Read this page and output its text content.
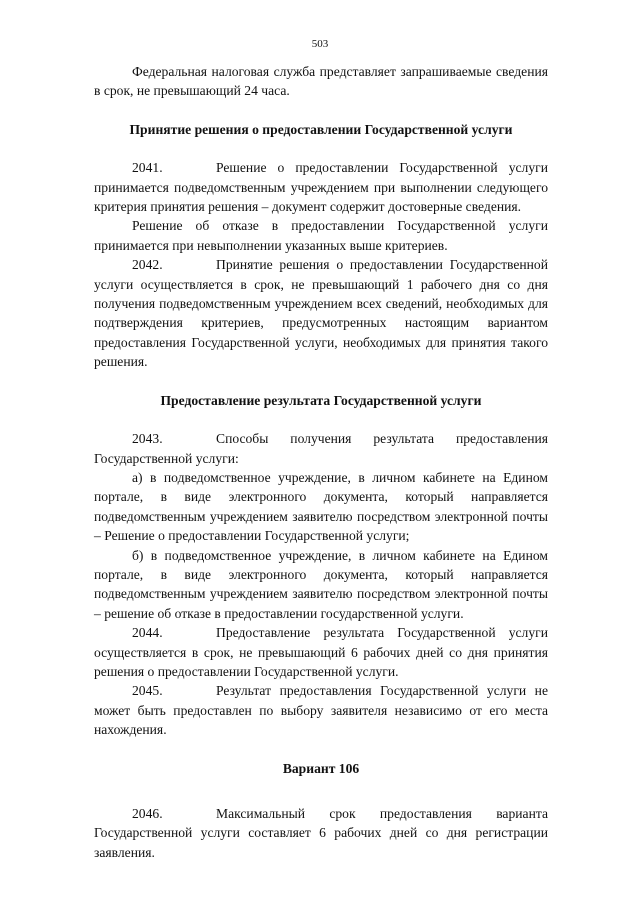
503

Федеральная налоговая служба представляет запрашиваемые сведения в срок, не превышающий 24 часа.

Принятие решения о предоставлении Государственной услуги

2041.	Решение о предоставлении Государственной услуги принимается подведомственным учреждением при выполнении следующего критерия принятия решения – документ содержит достоверные сведения.

Решение об отказе в предоставлении Государственной услуги принимается при невыполнении указанных выше критериев.

2042.	Принятие решения о предоставлении Государственной услуги осуществляется в срок, не превышающий 1 рабочего дня со дня получения подведомственным учреждением всех сведений, необходимых для подтверждения критериев, предусмотренных настоящим вариантом предоставления Государственной услуги, необходимых для принятия такого решения.

Предоставление результата Государственной услуги

2043.	Способы получения результата предоставления Государственной услуги:

а) в подведомственное учреждение, в личном кабинете на Едином портале, в виде электронного документа, который направляется подведомственным учреждением заявителю посредством электронной почты – Решение о предоставлении Государственной услуги;

б) в подведомственное учреждение, в личном кабинете на Едином портале, в виде электронного документа, который направляется подведомственным учреждением заявителю посредством электронной почты – решение об отказе в предоставлении государственной услуги.

2044.	Предоставление результата Государственной услуги осуществляется в срок, не превышающий 6 рабочих дней со дня принятия решения о предоставлении Государственной услуги.

2045.	Результат предоставления Государственной услуги не может быть предоставлен по выбору заявителя независимо от его места нахождения.

Вариант 106

2046.	Максимальный срок предоставления варианта Государственной услуги составляет 6 рабочих дней со дня регистрации заявления.
